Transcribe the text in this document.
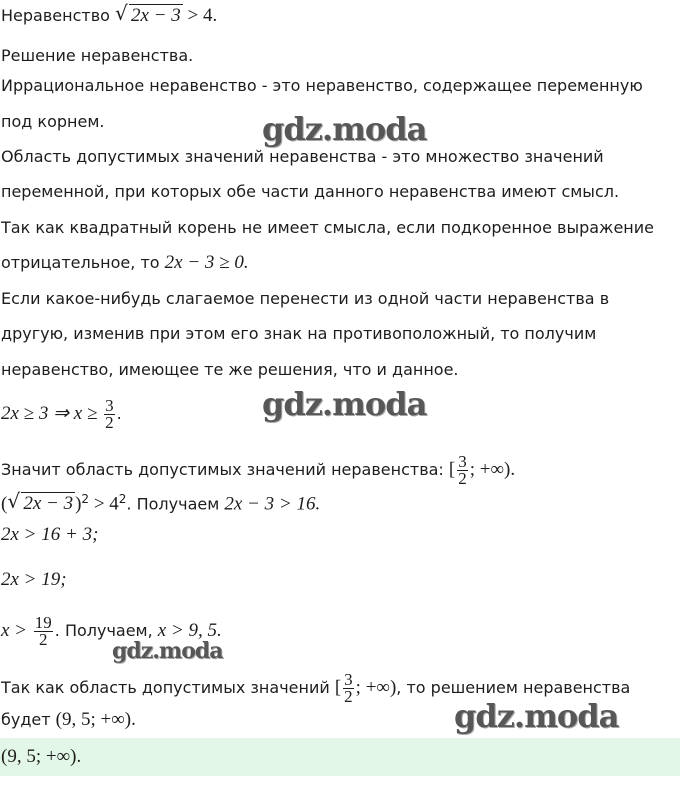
Неравенство √ 2x − 3 > 4.
Решение неравенства.
Иррациональное неравенство - это неравенство, содержащее переменную
под корнем.
Область допустимых значений неравенства - это множество значений
переменной, при которых обе части данного неравенства имеют смысл.
Так как квадратный корень не имеет смысла, если подкоренное выражение
отрицательное, то 2x − 3 ≥ 0.
Если какое-нибудь слагаемое перенести из одной части неравенства в
другую, изменив при этом его знак на противоположный, то получим
неравенство, имеющее те же решения, что и данное.
2x ≥ 3 ⇒ $x \ge \frac{3}{2}$ .
Значит область допустимых значений неравенства: [ $\frac{3}{2}$ ; +∞).
( √ 2x − 3 )$^2 > 4^2$. Получаем 2x − 3 > 16.
2x > 16 + 3;
2x > 19;
$x > \frac{19}{2}$ . Получаем, x > 9, 5.
Так как область допустимых значений [ $\frac{3}{2}$ ; +∞), то решением неравенства
будет (9, 5; +∞).
(9, 5; +∞).
gdz.moda
gdz.moda
gdz.moda
gdz.moda
